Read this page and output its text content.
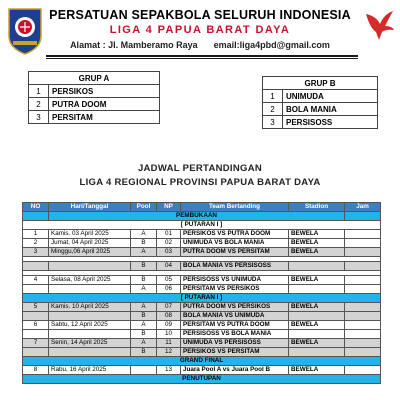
PERSATUAN SEPAKBOLA SELURUH INDONESIA
LIGA 4 PAPUA BARAT DAYA
Alamat : Jl. Mamberamo Raya email:liga4pbd@gmail.com
GRUP A	
1	PERSIKOS
2	PUTRA DOOM
3	PERSITAM
GRUP B	
1	UNIMUDA
2	BOLA MANIA
3	PERSISOSS
JADWAL PERTANDINGAN
LIGA 4 REGIONAL PROVINSI PAPUA BARAT DAYA
NO	Hari/Tanggal	Pool	NP	Team Bertanding	Stadion	Jam
	PEMBUKAAN					
[ PUTARAN I ]						
1	Kamis. 03 April 2025	A	01	PERSIKOS VS PUTRA DOOM	BEWELA	
2	Jumat, 04 April 2025	B	02	UNIMUDA VS BOLA MANIA	BEWELA	
3	Minggu,06 April 2025	A	03	PUTRA DOOM VS PERSITAM	BEWELA	

		B	04	BOLA MANIA VS PERSISOSS		

4	Selasa, 08 April 2025	B	05	PERSISOSS VS UNIMUDA	BEWELA	
		A	06	PERSITAM VS PERSIKOS		
[ PUTARAN I ]						
5	Kamis. 10 April 2025	A	07	PUTRA DOOM VS PERSIKOS	BEWELA	
		B	08	BOLA MANIA VS UNIMUDA		
6	Sabtu, 12 April 2025	A	09	PERSITAM VS PUTRA DOOM	BEWELA	
		B	10	PERSISOSS VS BOLA MANIA		
7	Senin, 14 April 2025	A	11	UNIMUDA VS PERSISOSS	BEWELA	
		B	12	PERSIKOS VS PERSITAM		
GRAND FINAL						
8	Rabu, 16 April 2025		13	Juara Pool A vs Juara Pool B	BEWELA	
PENUTUPAN						
